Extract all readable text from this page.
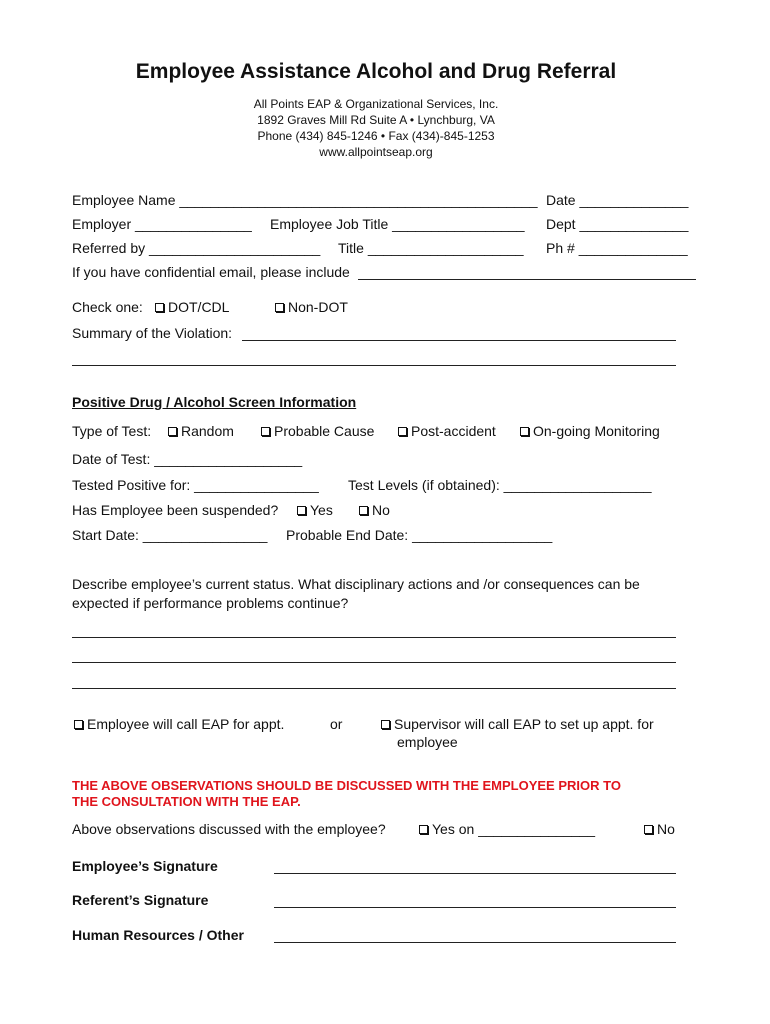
Employee Assistance Alcohol and Drug Referral
All Points EAP & Organizational Services, Inc.
1892 Graves Mill Rd Suite A • Lynchburg, VA
Phone (434) 845-1246 • Fax (434)-845-1253
www.allpointseap.org
Employee Name ______________________________________________ Date ______________
Employer _______________ Employee Job Title _________________ Dept ______________
Referred by ______________________ Title ____________________ Ph # ______________
If you have confidential email, please include
Check one:	DOT/CDL	Non-DOT
Summary of the Violation:
Positive Drug / Alcohol Screen Information
Type of Test:	Random	Probable Cause	Post-accident	On-going Monitoring
Date of Test: ___________________
Tested Positive for: ________________ Test Levels (if obtained): ___________________
Has Employee been suspended?	Yes	No
Start Date: ________________ Probable End Date: __________________
Describe employee’s current status. What disciplinary actions and /or consequences can be
expected if performance problems continue?
Employee will call EAP for appt.	or	Supervisor will call EAP to set up appt. for
employee
THE ABOVE OBSERVATIONS SHOULD BE DISCUSSED WITH THE EMPLOYEE PRIOR TO
THE CONSULTATION WITH THE EAP.
Above observations discussed with the employee?	Yes on _______________	No
Employee’s Signature
Referent’s Signature
Human Resources / Other
